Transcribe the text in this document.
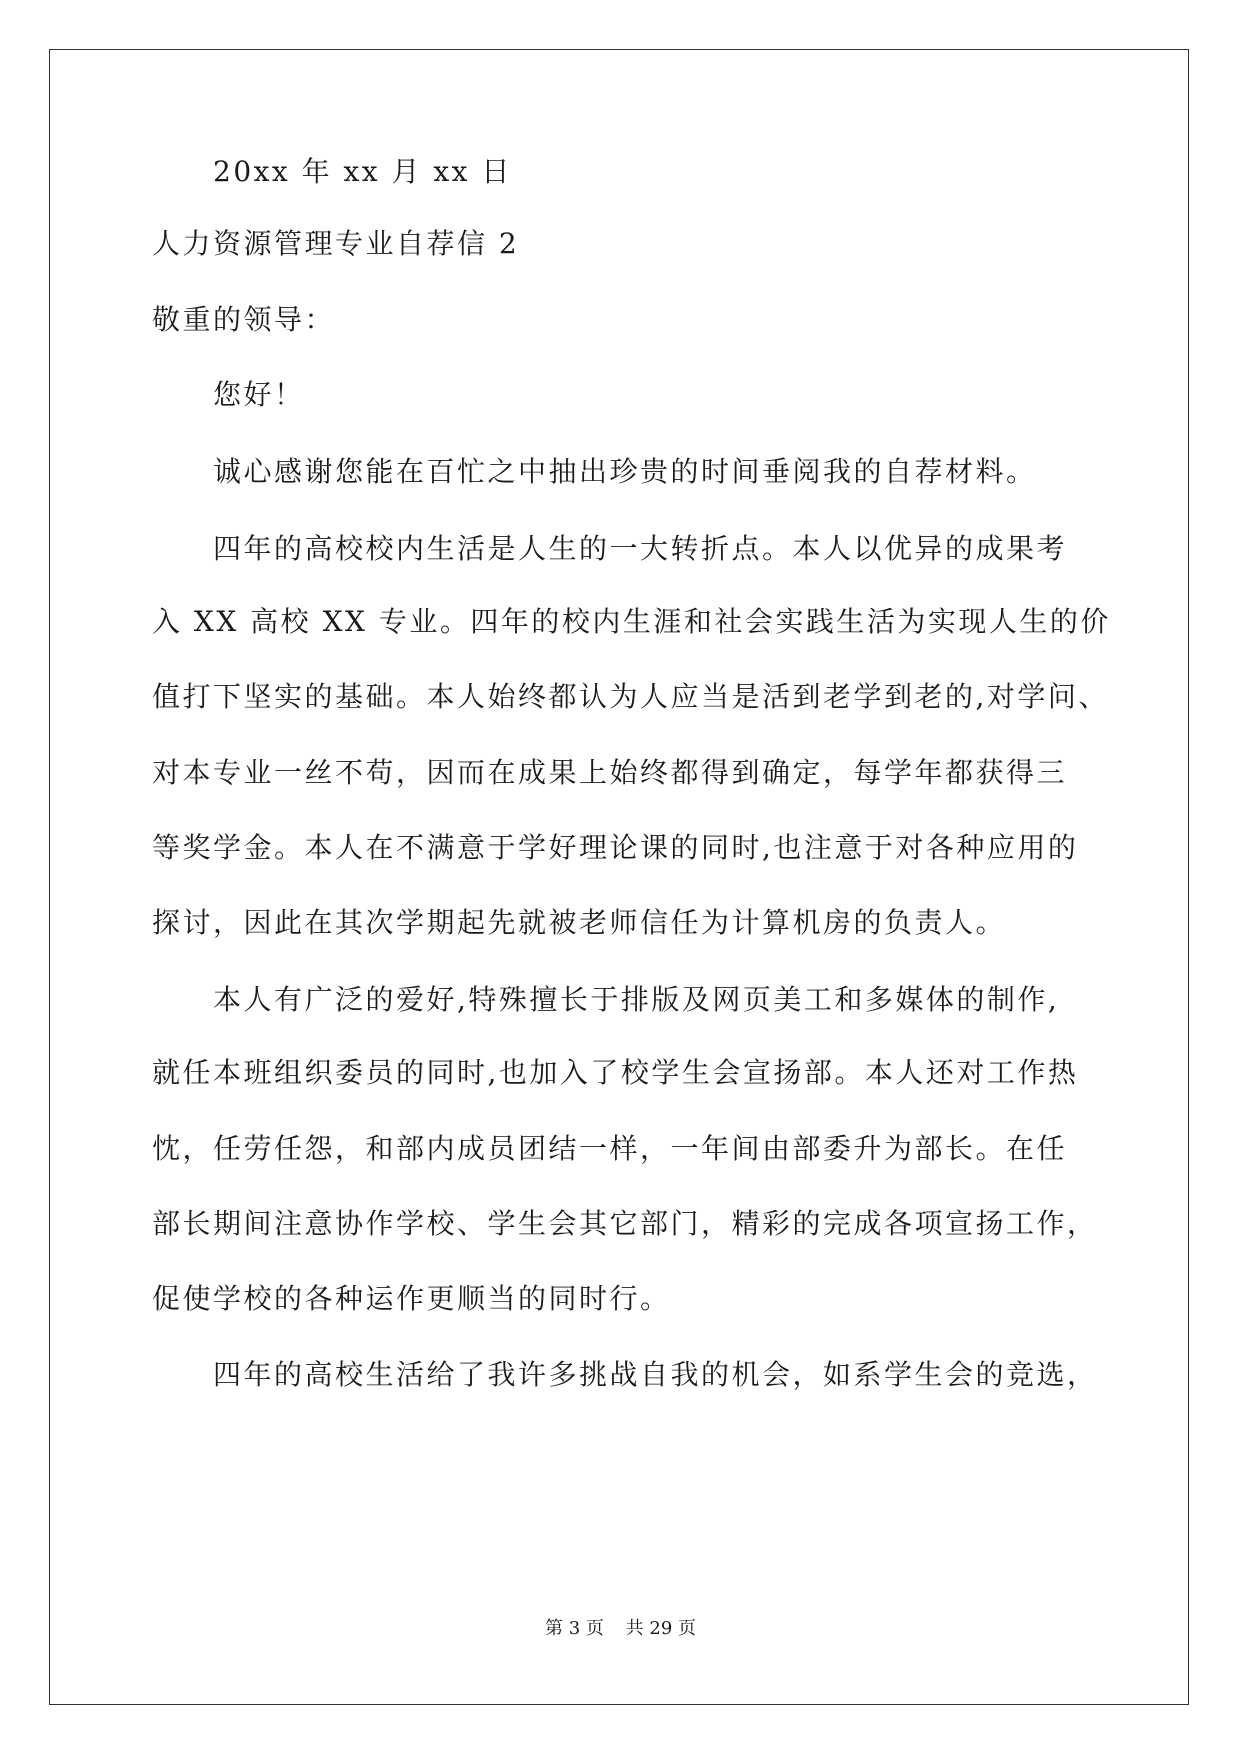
20xx 年 xx 月 xx 日
人力资源管理专业自荐信 2
敬重的领导：
您好！
诚心感谢您能在百忙之中抽出珍贵的时间垂阅我的自荐材料。
四年的高校校内生活是人生的一大转折点。本人以优异的成果考
入 XX 高校 XX 专业。四年的校内生涯和社会实践生活为实现人生的价
值打下坚实的基础。本人始终都认为人应当是活到老学到老的,对学问、
对本专业一丝不苟，因而在成果上始终都得到确定，每学年都获得三
等奖学金。本人在不满意于学好理论课的同时,也注意于对各种应用的
探讨，因此在其次学期起先就被老师信任为计算机房的负责人。
本人有广泛的爱好,特殊擅长于排版及网页美工和多媒体的制作,
就任本班组织委员的同时,也加入了校学生会宣扬部。本人还对工作热
忱，任劳任怨，和部内成员团结一样，一年间由部委升为部长。在任
部长期间注意协作学校、学生会其它部门，精彩的完成各项宣扬工作，
促使学校的各种运作更顺当的同时行。
四年的高校生活给了我许多挑战自我的机会，如系学生会的竞选，
第 3 页 共 29 页
